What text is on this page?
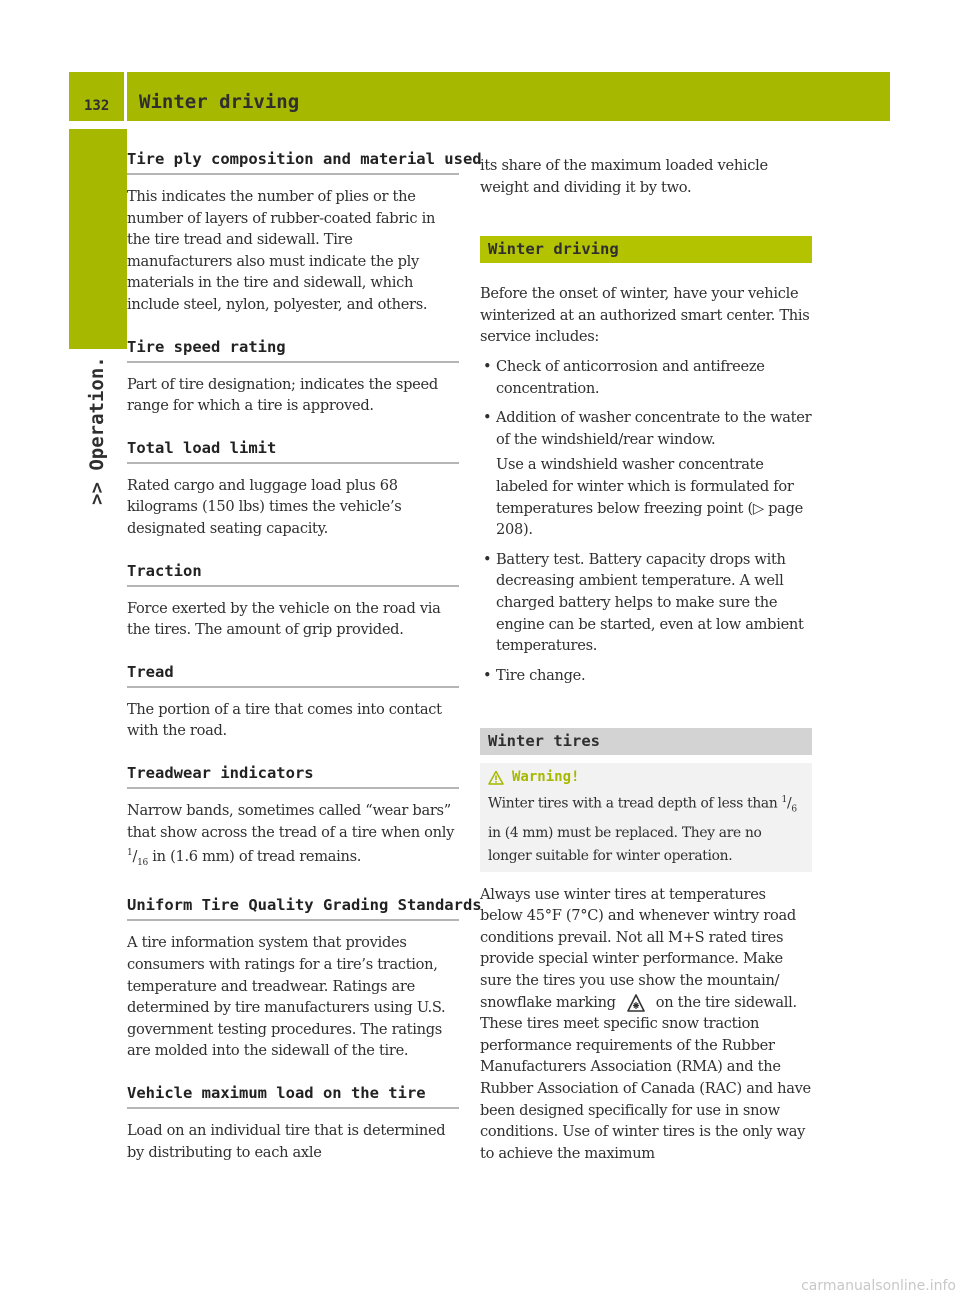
132 Winter driving
>> Operation.
Tire ply composition and material used

This indicates the number of plies or the number of layers of rubber-coated fabric in the tire tread and sidewall. Tire manufacturers also must indicate the ply materials in the tire and sidewall, which include steel, nylon, polyester, and others.

Tire speed rating

Part of tire designation; indicates the speed range for which a tire is approved.

Total load limit

Rated cargo and luggage load plus 68 kilograms (150 lbs) times the vehicle’s designated seating capacity.

Traction

Force exerted by the vehicle on the road via the tires. The amount of grip provided.

Tread

The portion of a tire that comes into contact with the road.

Treadwear indicators

Narrow bands, sometimes called “wear bars” that show across the tread of a tire when only $^1/_{16}$ in (1.6 mm) of tread remains.

Uniform Tire Quality Grading Standards

A tire information system that provides consumers with ratings for a tire’s traction, temperature and treadwear. Ratings are determined by tire manufacturers using U.S. government testing procedures. The ratings are molded into the sidewall of the tire.

Vehicle maximum load on the tire

Load on an individual tire that is determined by distributing to each axle

its share of the maximum loaded vehicle weight and dividing it by two.

Winter driving

Before the onset of winter, have your vehicle winterized at an authorized smart center. This service includes:

• Check of anticorrosion and antifreeze concentration.
• Addition of washer concentrate to the water of the windshield/rear window.
Use a windshield washer concentrate labeled for winter which is formulated for temperatures below freezing point (▷ page 208).
• Battery test. Battery capacity drops with decreasing ambient temperature. A well charged battery helps to make sure the engine can be started, even at low ambient temperatures.
• Tire change.
Winter tires
Warning!

Winter tires with a tread depth of less than $^1/_6$ in (4 mm) must be replaced. They are no longer suitable for winter operation.

Always use winter tires at temperatures below 45°F (7°C) and whenever wintry road conditions prevail. Not all M+S rated tires provide special winter performance. Make sure the tires you use show the mountain/ snowflake marking	on the tire sidewall. These tires meet specific snow traction performance requirements of the Rubber Manufacturers Association (RMA) and the Rubber Association of Canada (RAC) and have been designed specifically for use in snow conditions. Use of winter tires is the only way to achieve the maximum

carmanualsonline.info
